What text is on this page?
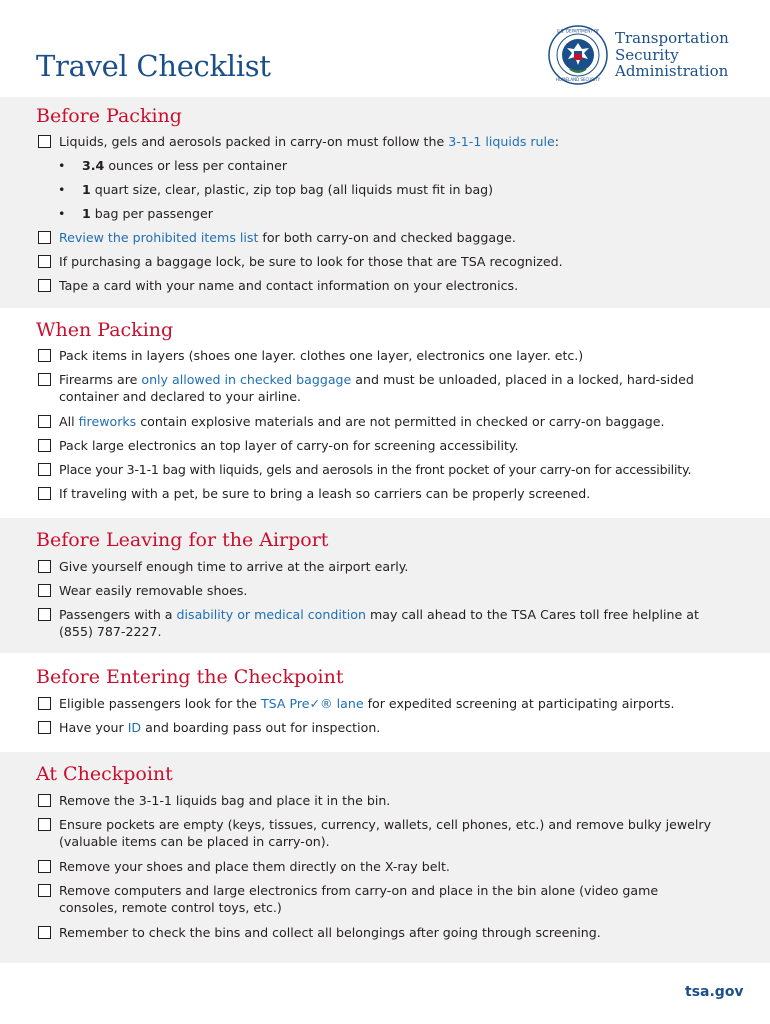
Travel Checklist
U.S. DEPARTMENT OF
HOMELAND SECURITY
Transportation
Security
Administration
Before Packing
Liquids, gels and aerosols packed in carry-on must follow the 3-1-1 liquids rule:
• 3.4 ounces or less per container
• 1 quart size, clear, plastic, zip top bag (all liquids must fit in bag)
• 1 bag per passenger
Review the prohibited items list for both carry-on and checked baggage.
If purchasing a baggage lock, be sure to look for those that are TSA recognized.
Tape a card with your name and contact information on your electronics.
When Packing
Pack items in layers (shoes one layer. clothes one layer, electronics one layer. etc.)
Firearms are only allowed in checked baggage and must be unloaded, placed in a locked, hard-sided container and declared to your airline.
All fireworks contain explosive materials and are not permitted in checked or carry-on baggage.
Pack large electronics an top layer of carry-on for screening accessibility.
Place your 3-1-1 bag with liquids, gels and aerosols in the front pocket of your carry-on for accessibility.
If traveling with a pet, be sure to bring a leash so carriers can be properly screened.
Before Leaving for the Airport
Give yourself enough time to arrive at the airport early.
Wear easily removable shoes.
Passengers with a disability or medical condition may call ahead to the TSA Cares toll free helpline at (855) 787-2227.
Before Entering the Checkpoint
Eligible passengers look for the TSA Pre✓® lane for expedited screening at participating airports.
Have your ID and boarding pass out for inspection.
At Checkpoint
Remove the 3-1-1 liquids bag and place it in the bin.
Ensure pockets are empty (keys, tissues, currency, wallets, cell phones, etc.) and remove bulky jewelry (valuable items can be placed in carry-on).
Remove your shoes and place them directly on the X-ray belt.
Remove computers and large electronics from carry-on and place in the bin alone (video game consoles, remote control toys, etc.)
Remember to check the bins and collect all belongings after going through screening.
tsa.gov
